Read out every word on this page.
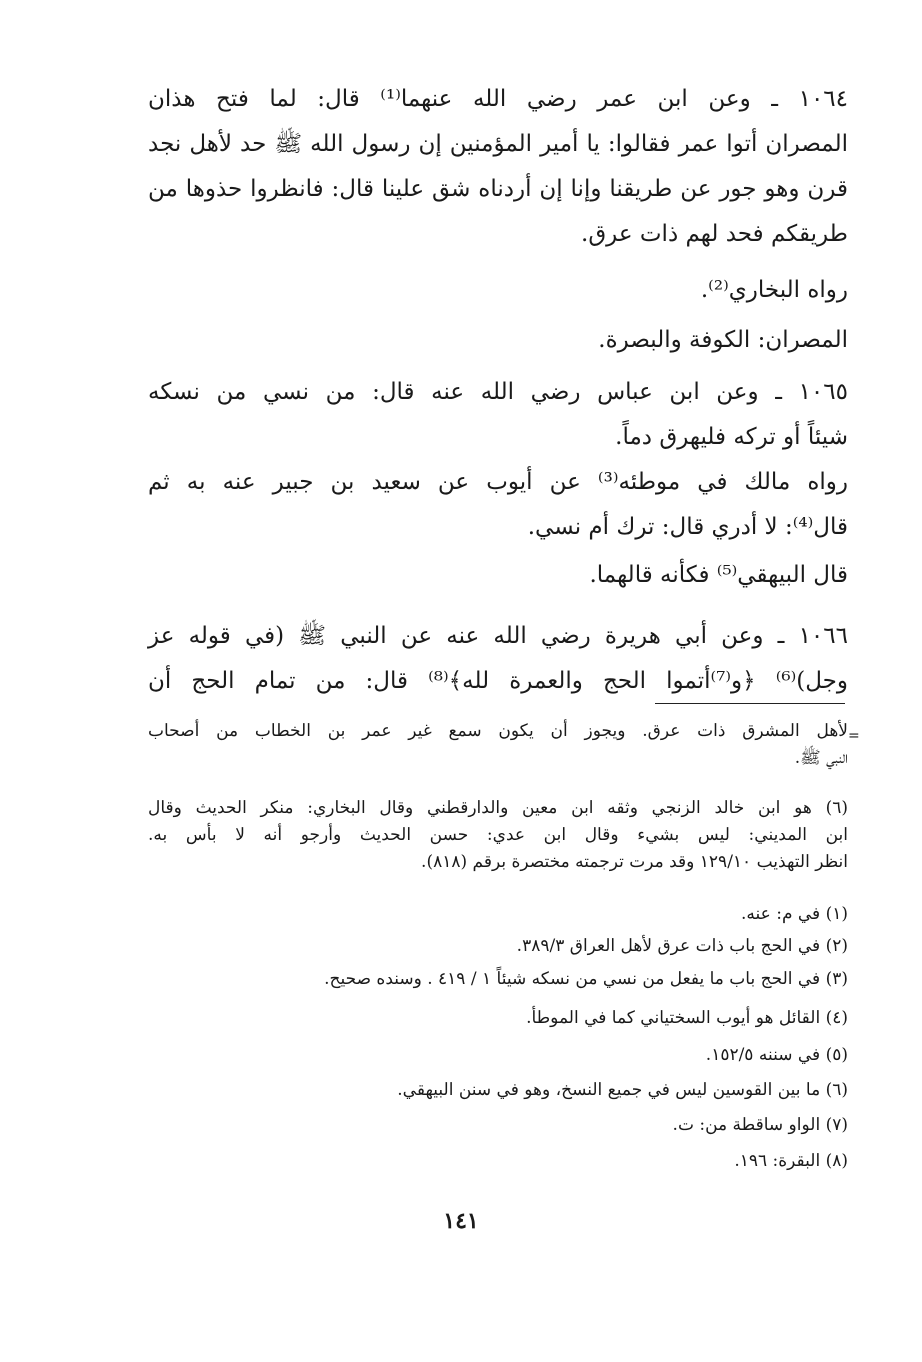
١٠٦٤ ـ وعن ابن عمر رضي الله عنهما⁽¹⁾ قال: لما فتح هذان
المصران أتوا عمر فقالوا: يا أمير المؤمنين إن رسول الله ﷺ حد لأهل نجد
قرن وهو جور عن طريقنا وإنا إن أردناه شق علينا قال: فانظروا حذوها من
طريقكم فحد لهم ذات عرق.
رواه البخاري⁽²⁾.
المصران: الكوفة والبصرة.
١٠٦٥ ـ وعن ابن عباس رضي الله عنه قال: من نسي من نسكه
شيئاً أو تركه فليهرق دماً.
رواه مالك في موطئه⁽³⁾ عن أيوب عن سعيد بن جبير عنه به ثم
قال⁽⁴⁾: لا أدري قال: ترك أم نسي.
قال البيهقي⁽⁵⁾ فكأنه قالهما.
١٠٦٦ ـ وعن أبي هريرة رضي الله عنه عن النبي ﷺ (في قوله عز
وجل)⁽⁶⁾ ﴿و⁽⁷⁾أتموا الحج والعمرة لله﴾⁽⁸⁾ قال: من تمام الحج أن
=
لأهل المشرق ذات عرق. ويجوز أن يكون سمع غير عمر بن الخطاب من أصحاب
النبي ﷺ.
(٦) هو ابن خالد الزنجي وثقه ابن معين والدارقطني وقال البخاري: منكر الحديث وقال
ابن المديني: ليس بشيء وقال ابن عدي: حسن الحديث وأرجو أنه لا بأس به.
انظر التهذيب ١٢٩/١٠ وقد مرت ترجمته مختصرة برقم (٨١٨).
(١) في م: عنه.
(٢) في الحج باب ذات عرق لأهل العراق ٣٨٩/٣.
(٣) في الحج باب ما يفعل من نسي من نسكه شيئاً ١ / ٤١٩ . وسنده صحيح.
(٤) القائل هو أيوب السختياني كما في الموطأ.
(٥) في سننه ١٥٢/٥.
(٦) ما بين القوسين ليس في جميع النسخ، وهو في سنن البيهقي.
(٧) الواو ساقطة من: ت.
(٨) البقرة: ١٩٦.
١٤١
